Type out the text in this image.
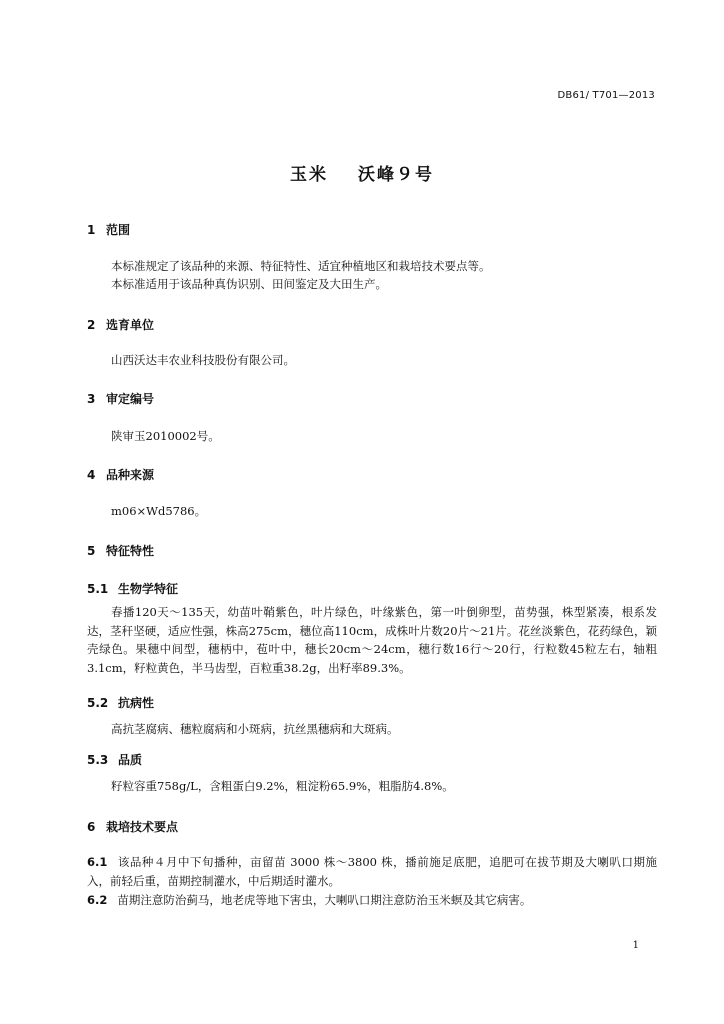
DB61/ T701—2013
玉米 沃峰９号
1 范围
本标准规定了该品种的来源、特征特性、适宜种植地区和栽培技术要点等。
本标准适用于该品种真伪识别、田间鉴定及大田生产。
2 选育单位
山西沃达丰农业科技股份有限公司。
3 审定编号
陕审玉2010002号。
4 品种来源
m06×Wd5786。
5 特征特性
5.1 生物学特征
春播120天～135天，幼苗叶鞘紫色，叶片绿色，叶缘紫色，第一叶倒卵型，苗势强，株型紧凑，根系发达，茎秆坚硬，适应性强，株高275cm，穗位高110cm，成株叶片数20片～21片。花丝淡紫色，花药绿色，颖壳绿色。果穗中间型，穗柄中，苞叶中，穗长20cm～24cm，穗行数16行～20行，行粒数45粒左右，轴粗3.1cm，籽粒黄色，半马齿型，百粒重38.2g，出籽率89.3%。
5.2 抗病性
高抗茎腐病、穗粒腐病和小斑病，抗丝黑穗病和大斑病。
5.3 品质
籽粒容重758g/L，含粗蛋白9.2%，粗淀粉65.9%，粗脂肪4.8%。
6 栽培技术要点
6.1 该品种４月中下旬播种，亩留苗 3000 株～3800 株，播前施足底肥，追肥可在拔节期及大喇叭口期施入，前轻后重，苗期控制灌水，中后期适时灌水。
6.2 苗期注意防治蓟马，地老虎等地下害虫，大喇叭口期注意防治玉米螟及其它病害。
1
